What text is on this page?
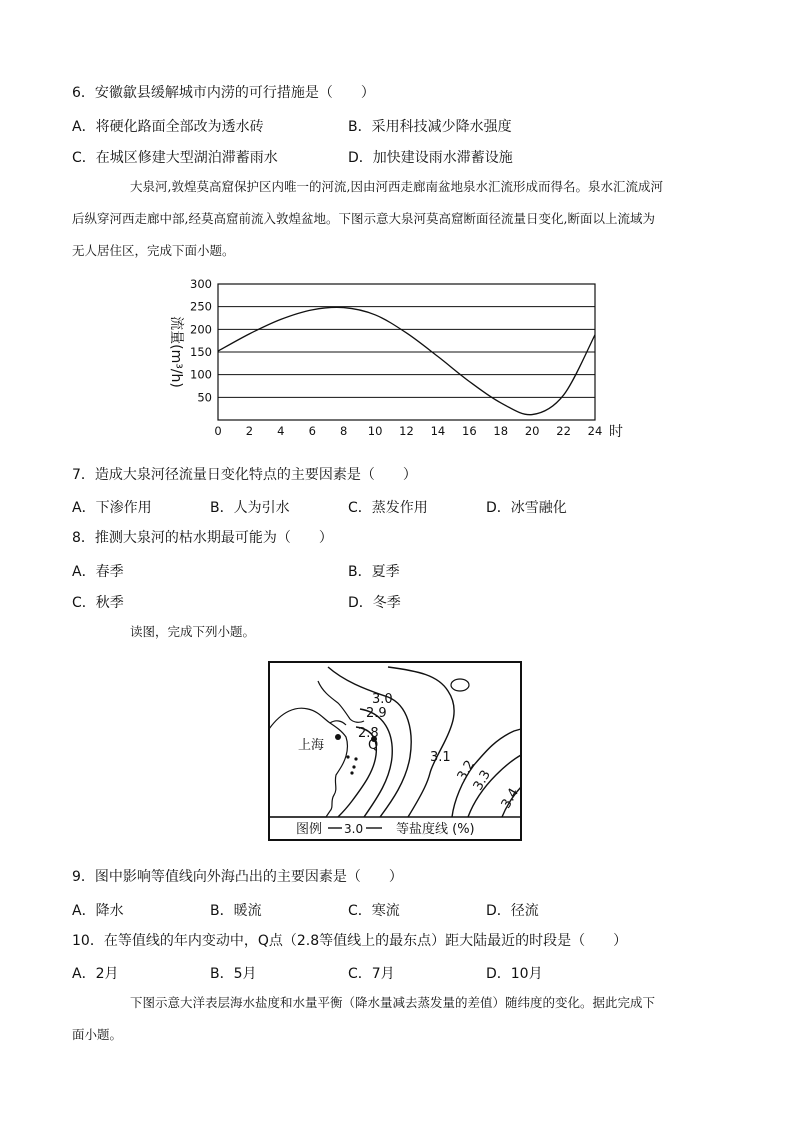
6．安徽歙县缓解城市内涝的可行措施是（　　）
A．将硬化路面全部改为透水砖	B．采用科技减少降水强度
C．在城区修建大型湖泊滞蓄雨水	D．加快建设雨水滞蓄设施
大泉河,敦煌莫高窟保护区内唯一的河流,因由河西走廊南盆地泉水汇流形成而得名。泉水汇流成河
后纵穿河西走廊中部,经莫高窟前流入敦煌盆地。下图示意大泉河莫高窟断面径流量日变化,断面以上流域为
无人居住区，完成下面小题。
50
100
150
200
250
300
0 2 4 6 8 10 12 14 16 18 20 22 24
流量(m³/h)
时
7．造成大泉河径流量日变化特点的主要因素是（　　）
A．下渗作用	B．人为引水	C．蒸发作用	D．冰雪融化
8．推测大泉河的枯水期最可能为（　　）
A．春季	B．夏季
C．秋季	D．冬季
读图，完成下列小题。
上海	Q
2.8
2.9
3.0
3.1
3.2
3.3
3.4
图例 3.0	等盐度线 (%)
9．图中影响等值线向外海凸出的主要因素是（　　）
A．降水	B．暖流	C．寒流	D．径流
10．在等值线的年内变动中，Q点（2.8等值线上的最东点）距大陆最近的时段是（　　）
A．2月	B．5月	C．7月	D．10月
下图示意大洋表层海水盐度和水量平衡（降水量减去蒸发量的差值）随纬度的变化。据此完成下
面小题。
